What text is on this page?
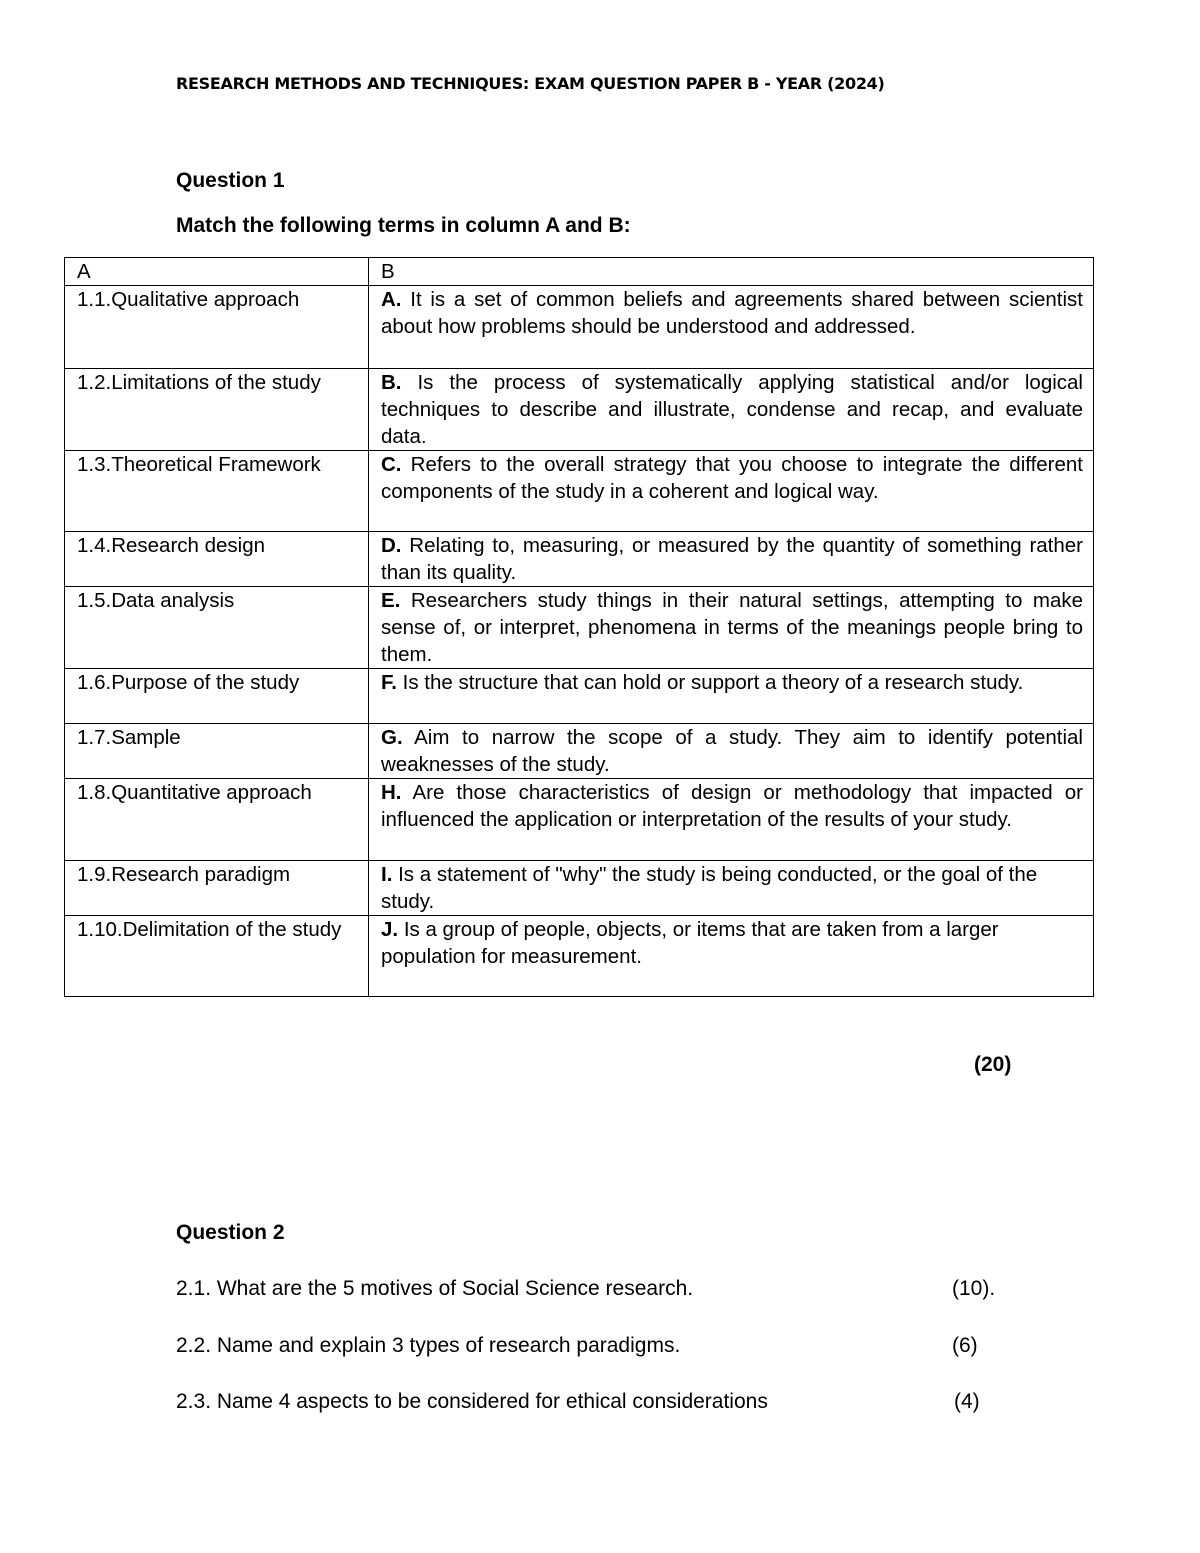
RESEARCH METHODS AND TECHNIQUES: EXAM QUESTION PAPER B - YEAR (2024)
Question 1
Match the following terms in column A and B:
A	B
1.1.Qualitative approach	A. It is a set of common beliefs and agreements shared between scientist about how problems should be understood and addressed.
1.2.Limitations of the study	B. Is the process of systematically applying statistical and/or logical techniques to describe and illustrate, condense and recap, and evaluate data.
1.3.Theoretical Framework	C. Refers to the overall strategy that you choose to integrate the different components of the study in a coherent and logical way.
1.4.Research design	D. Relating to, measuring, or measured by the quantity of something rather than its quality.
1.5.Data analysis	E. Researchers study things in their natural settings, attempting to make sense of, or interpret, phenomena in terms of the meanings people bring to them.
1.6.Purpose of the study	F. Is the structure that can hold or support a theory of a research study.
1.7.Sample	G. Aim to narrow the scope of a study. They aim to identify potential weaknesses of the study.
1.8.Quantitative approach	H. Are those characteristics of design or methodology that impacted or influenced the application or interpretation of the results of your study.
1.9.Research paradigm	I. Is a statement of "why" the study is being conducted, or the goal of the study.
1.10.Delimitation of the study	J. Is a group of people, objects, or items that are taken from a larger population for measurement.
(20)
Question 2
2.1. What are the 5 motives of Social Science research.	(10).
2.2. Name and explain 3 types of research paradigms.	(6)
2.3. Name 4 aspects to be considered for ethical considerations	(4)
